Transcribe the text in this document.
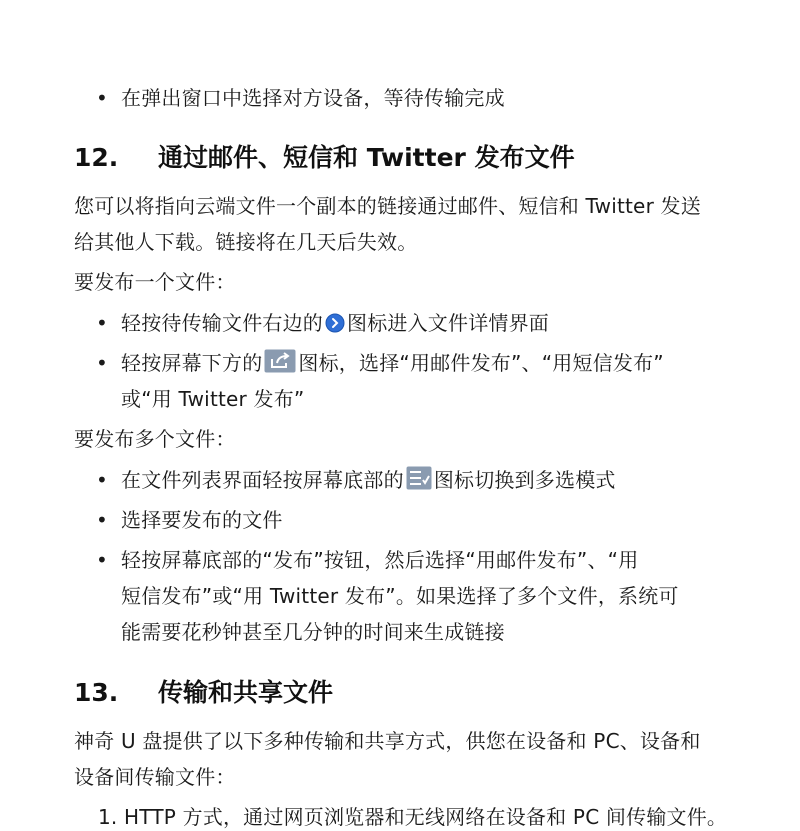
• 在弹出窗口中选择对方设备，等待传输完成
12. 通过邮件、短信和 Twitter 发布文件
您可以将指向云端文件一个副本的链接通过邮件、短信和 Twitter 发送
给其他人下载。链接将在几天后失效。
要发布一个文件：
• 轻按待传输文件右边的 图标进入文件详情界面
• 轻按屏幕下方的 图标，选择“用邮件发布”、“用短信发布”
或“用 Twitter 发布”
要发布多个文件：
• 在文件列表界面轻按屏幕底部的 图标切换到多选模式
• 选择要发布的文件
• 轻按屏幕底部的“发布”按钮，然后选择“用邮件发布”、“用
短信发布”或“用 Twitter 发布”。如果选择了多个文件，系统可
能需要花秒钟甚至几分钟的时间来生成链接
13. 传输和共享文件
神奇 U 盘提供了以下多种传输和共享方式，供您在设备和 PC、设备和
设备间传输文件：
1. HTTP 方式，通过网页浏览器和无线网络在设备和 PC 间传输文件。
